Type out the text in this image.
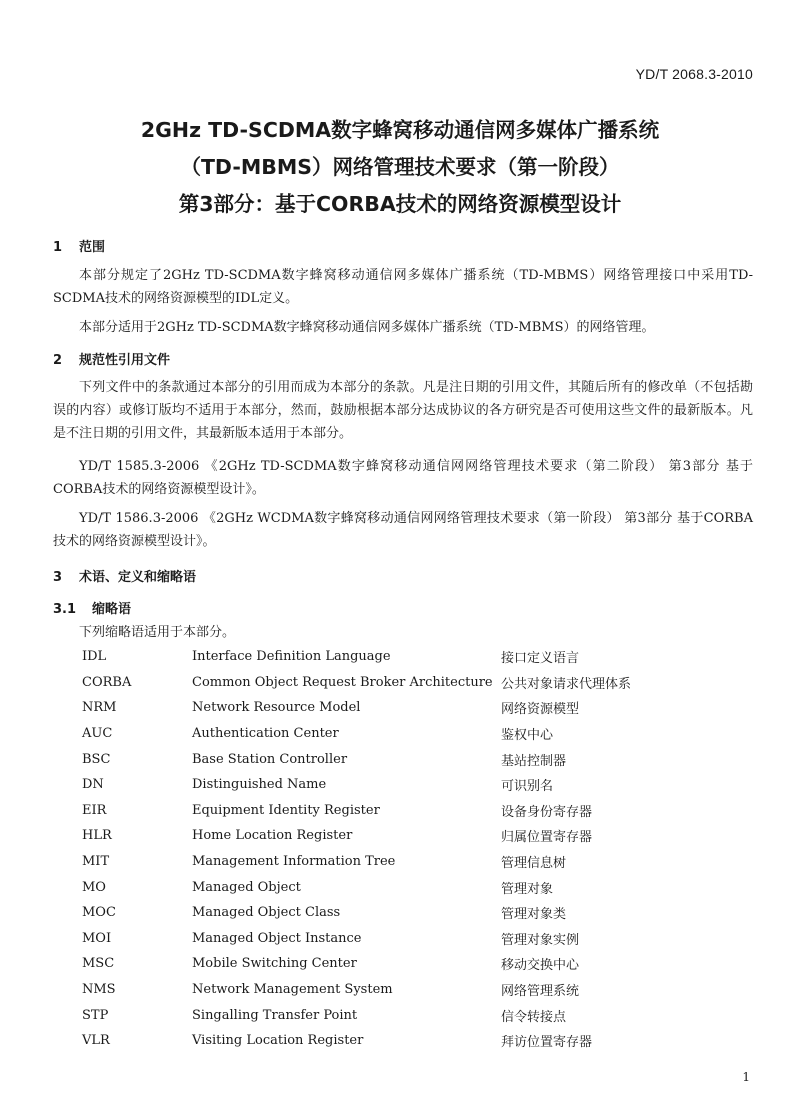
YD/T 2068.3-2010
2GHz TD-SCDMA数字蜂窝移动通信网多媒体广播系统
（TD-MBMS）网络管理技术要求（第一阶段）
第3部分：基于CORBA技术的网络资源模型设计
1 范围
本部分规定了2GHz TD-SCDMA数字蜂窝移动通信网多媒体广播系统（TD-MBMS）网络管理接口中采用TD-SCDMA技术的网络资源模型的IDL定义。
本部分适用于2GHz TD-SCDMA数字蜂窝移动通信网多媒体广播系统（TD-MBMS）的网络管理。
2 规范性引用文件
下列文件中的条款通过本部分的引用而成为本部分的条款。凡是注日期的引用文件，其随后所有的修改单（不包括勘误的内容）或修订版均不适用于本部分，然而，鼓励根据本部分达成协议的各方研究是否可使用这些文件的最新版本。凡是不注日期的引用文件，其最新版本适用于本部分。
YD/T 1585.3-2006 《2GHz TD-SCDMA数字蜂窝移动通信网网络管理技术要求（第二阶段） 第3部分 基于CORBA技术的网络资源模型设计》。
YD/T 1586.3-2006 《2GHz WCDMA数字蜂窝移动通信网网络管理技术要求（第一阶段） 第3部分 基于CORBA技术的网络资源模型设计》。
3 术语、定义和缩略语
3.1 缩略语
下列缩略语适用于本部分。
IDL	Interface Definition Language	接口定义语言
CORBA	Common Object Request Broker Architecture	公共对象请求代理体系
NRM	Network Resource Model	网络资源模型
AUC	Authentication Center	鉴权中心
BSC	Base Station Controller	基站控制器
DN	Distinguished Name	可识别名
EIR	Equipment Identity Register	设备身份寄存器
HLR	Home Location Register	归属位置寄存器
MIT	Management Information Tree	管理信息树
MO	Managed Object	管理对象
MOC	Managed Object Class	管理对象类
MOI	Managed Object Instance	管理对象实例
MSC	Mobile Switching Center	移动交换中心
NMS	Network Management System	网络管理系统
STP	Singalling Transfer Point	信令转接点
VLR	Visiting Location Register	拜访位置寄存器
1
